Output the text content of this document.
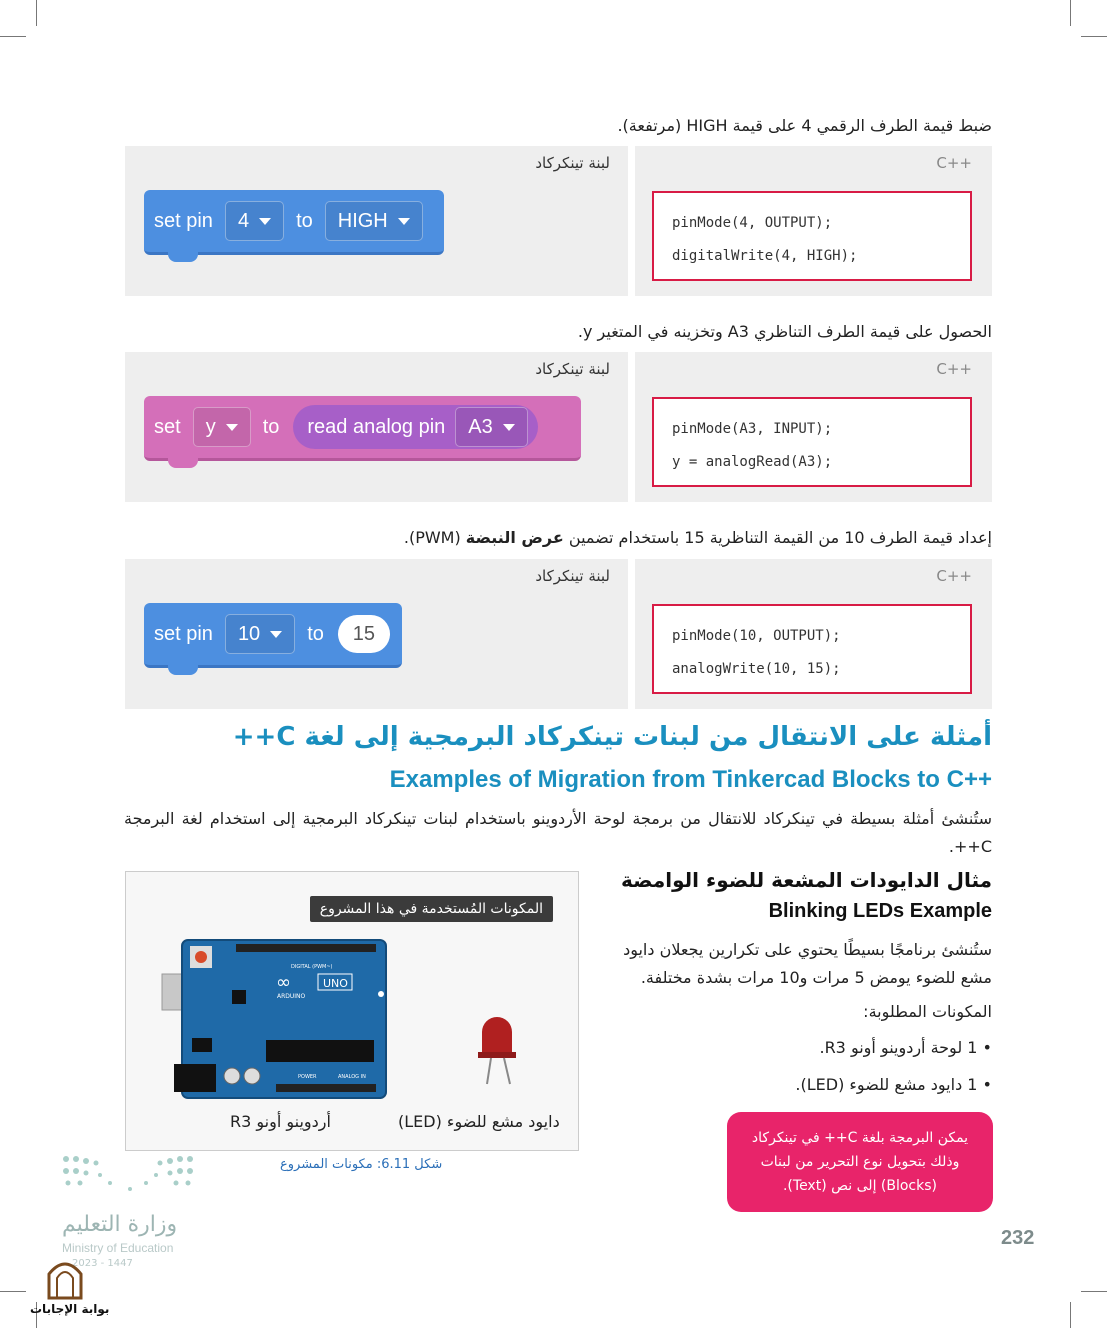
ضبط قيمة الطرف الرقمي 4 على قيمة HIGH (مرتفعة).
لبنة تينكركاد
set pin 4 to HIGH
C++
pinMode(4, OUTPUT);
digitalWrite(4, HIGH);
الحصول على قيمة الطرف التناظري A3 وتخزينه في المتغير y.
لبنة تينكركاد
set y to read analog pin A3
C++
pinMode(A3, INPUT);
y = analogRead(A3);
إعداد قيمة الطرف 10 من القيمة التناظرية 15 باستخدام تضمين عرض النبضة (PWM).
لبنة تينكركاد
set pin 10 to	15
C++
pinMode(10, OUTPUT);
analogWrite(10, 15);
أمثلة على الانتقال من لبنات تينكركاد البرمجية إلى لغة C++
Examples of Migration from Tinkercad Blocks to C++
ستُنشئ أمثلة بسيطة في تينكركاد للانتقال من برمجة لوحة الأردوينو باستخدام لبنات تينكركاد البرمجية إلى استخدام لغة البرمجة C++.
مثال الدايودات المشعة للضوء الوامضة
Blinking LEDs Example
ستُنشئ برنامجًا بسيطًا يحتوي على تكرارين يجعلان دايود مشع للضوء يومض 5 مرات و10 مرات بشدة مختلفة.
المكونات المطلوبة:
• 1 لوحة أردوينو أونو R3.
• 1 دايود مشع للضوء (LED).
المكونات المُستخدمة في هذا المشروع
DIGITAL (PWM~)
∞	UNO
ARDUINO
POWER	ANALOG IN
دايود مشع للضوء (LED)
أردوينو أونو R3
شكل 6.11: مكونات المشروع
يمكن البرمجة بلغة C++ في تينكركاد
وذلك بتحويل نوع التحرير من لبنات
(Blocks) إلى نص (Text).
232
وزارة التعليم
Ministry of Education
2023 - 1447
بوابة الإجابات
